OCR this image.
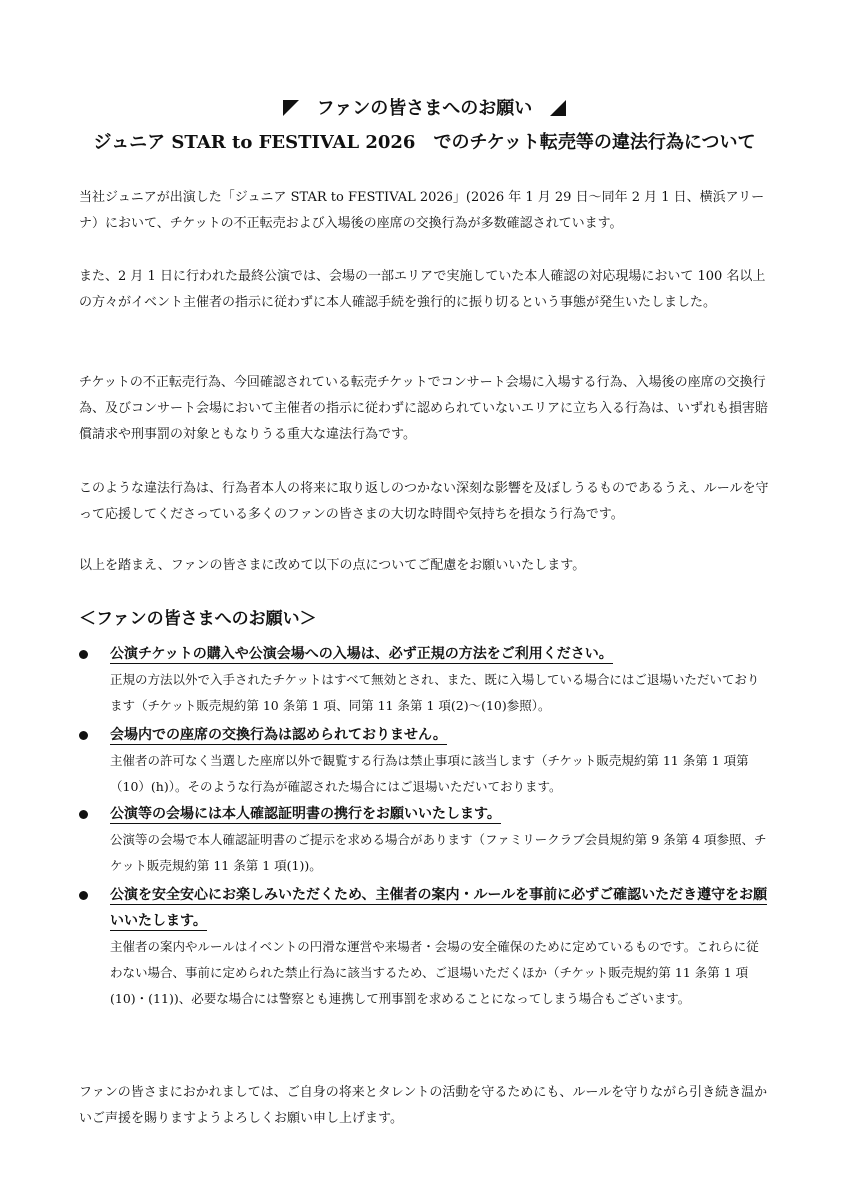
ファンの皆さまへのお願い
ジュニア STAR to FESTIVAL 2026　でのチケット転売等の違法行為について

当社ジュニアが出演した「ジュニア STAR to FESTIVAL 2026」(2026 年 1 月 29 日〜同年 2 月 1 日、横浜アリーナ）において、チケットの不正転売および入場後の座席の交換行為が多数確認されています。

また、2 月 1 日に行われた最終公演では、会場の一部エリアで実施していた本人確認の対応現場において 100 名以上の方々がイベント主催者の指示に従わずに本人確認手続を強行的に振り切るという事態が発生いたしました。

チケットの不正転売行為、今回確認されている転売チケットでコンサート会場に入場する行為、入場後の座席の交換行為、及びコンサート会場において主催者の指示に従わずに認められていないエリアに立ち入る行為は、いずれも損害賠償請求や刑事罰の対象ともなりうる重大な違法行為です。

このような違法行為は、行為者本人の将来に取り返しのつかない深刻な影響を及ぼしうるものであるうえ、ルールを守って応援してくださっている多くのファンの皆さまの大切な時間や気持ちを損なう行為です。

以上を踏まえ、ファンの皆さまに改めて以下の点についてご配慮をお願いいたします。

＜ファンの皆さまへのお願い＞

公演チケットの購入や公演会場への入場は、必ず正規の方法をご利用ください。

正規の方法以外で入手されたチケットはすべて無効とされ、また、既に入場している場合にはご退場いただいております（チケット販売規約第 10 条第 1 項、同第 11 条第 1 項(2)〜(10)参照）。

会場内での座席の交換行為は認められておりません。

主催者の許可なく当選した座席以外で観覧する行為は禁止事項に該当します（チケット販売規約第 11 条第 1 項第（10）(h)）。そのような行為が確認された場合にはご退場いただいております。

公演等の会場には本人確認証明書の携行をお願いいたします。

公演等の会場で本人確認証明書のご提示を求める場合があります（ファミリークラブ会員規約第 9 条第 4 項参照、チケット販売規約第 11 条第 1 項(1))。

公演を安全安心にお楽しみいただくため、主催者の案内・ルールを事前に必ずご確認いただき遵守をお願いいたします。

主催者の案内やルールはイベントの円滑な運営や来場者・会場の安全確保のために定めているものです。これらに従わない場合、事前に定められた禁止行為に該当するため、ご退場いただくほか（チケット販売規約第 11 条第 1 項(10)・(11))、必要な場合には警察とも連携して刑事罰を求めることになってしまう場合もございます。

ファンの皆さまにおかれましては、ご自身の将来とタレントの活動を守るためにも、ルールを守りながら引き続き温かいご声援を賜りますようよろしくお願い申し上げます。
